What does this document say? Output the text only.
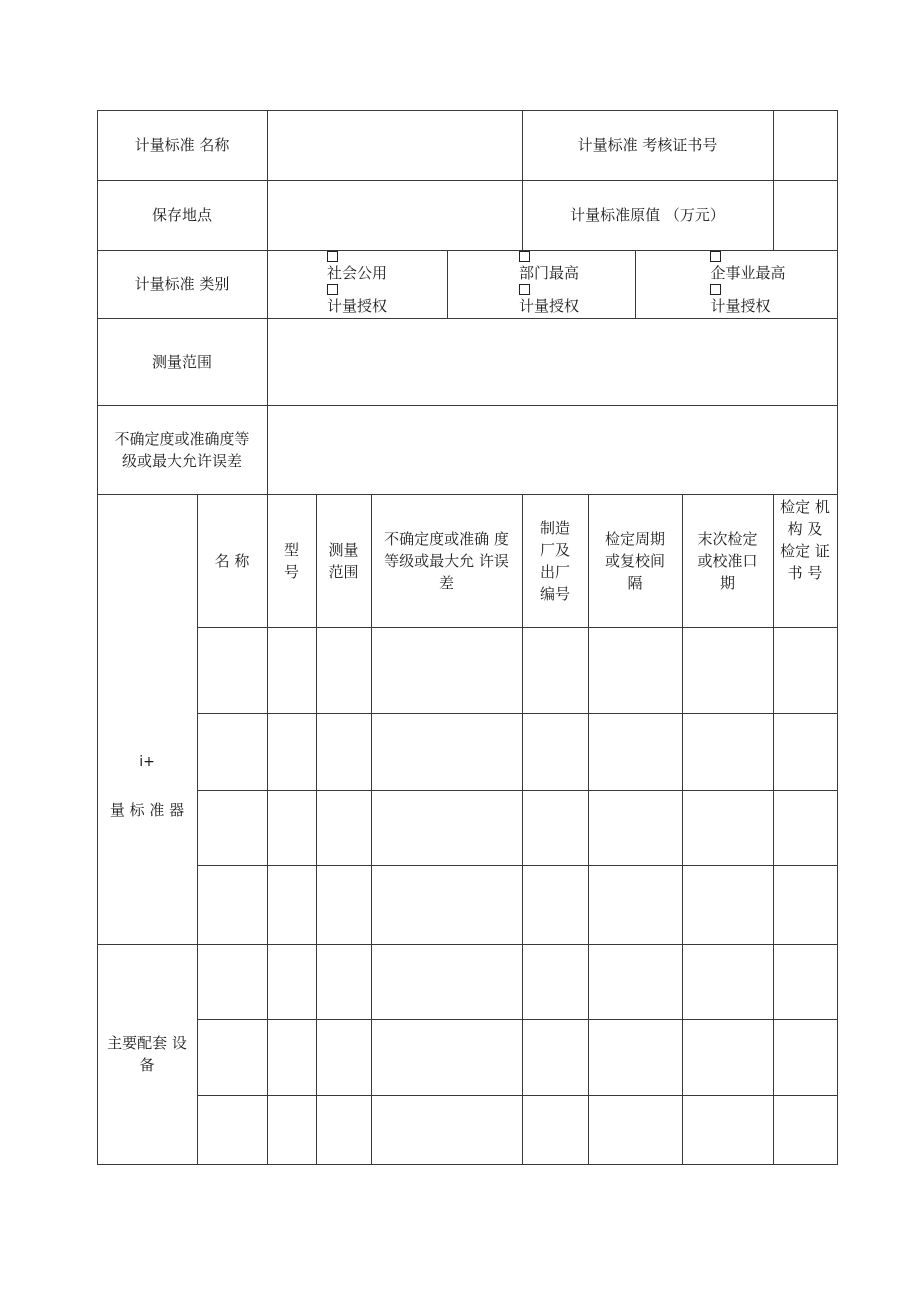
计量标准 名称	计量标准 考核证书号
保存地点	计量标准原值 （万元）
计量标准 类别
社会公用
计量授权
部门最高
计量授权
企事业最高
计量授权
测量范围
不确定度或准确度等
级或最大允许误差
名 称
型
号
测量
范围
不确定度或准确 度
等级或最大允 许误
差
制造
厂及
出厂
编号
检定周期
或复校间
隔
末次检定
或校准口
期
检定 机
构 及
检定 证
书 号
i+
量 标 准 器
主要配套 设
备
